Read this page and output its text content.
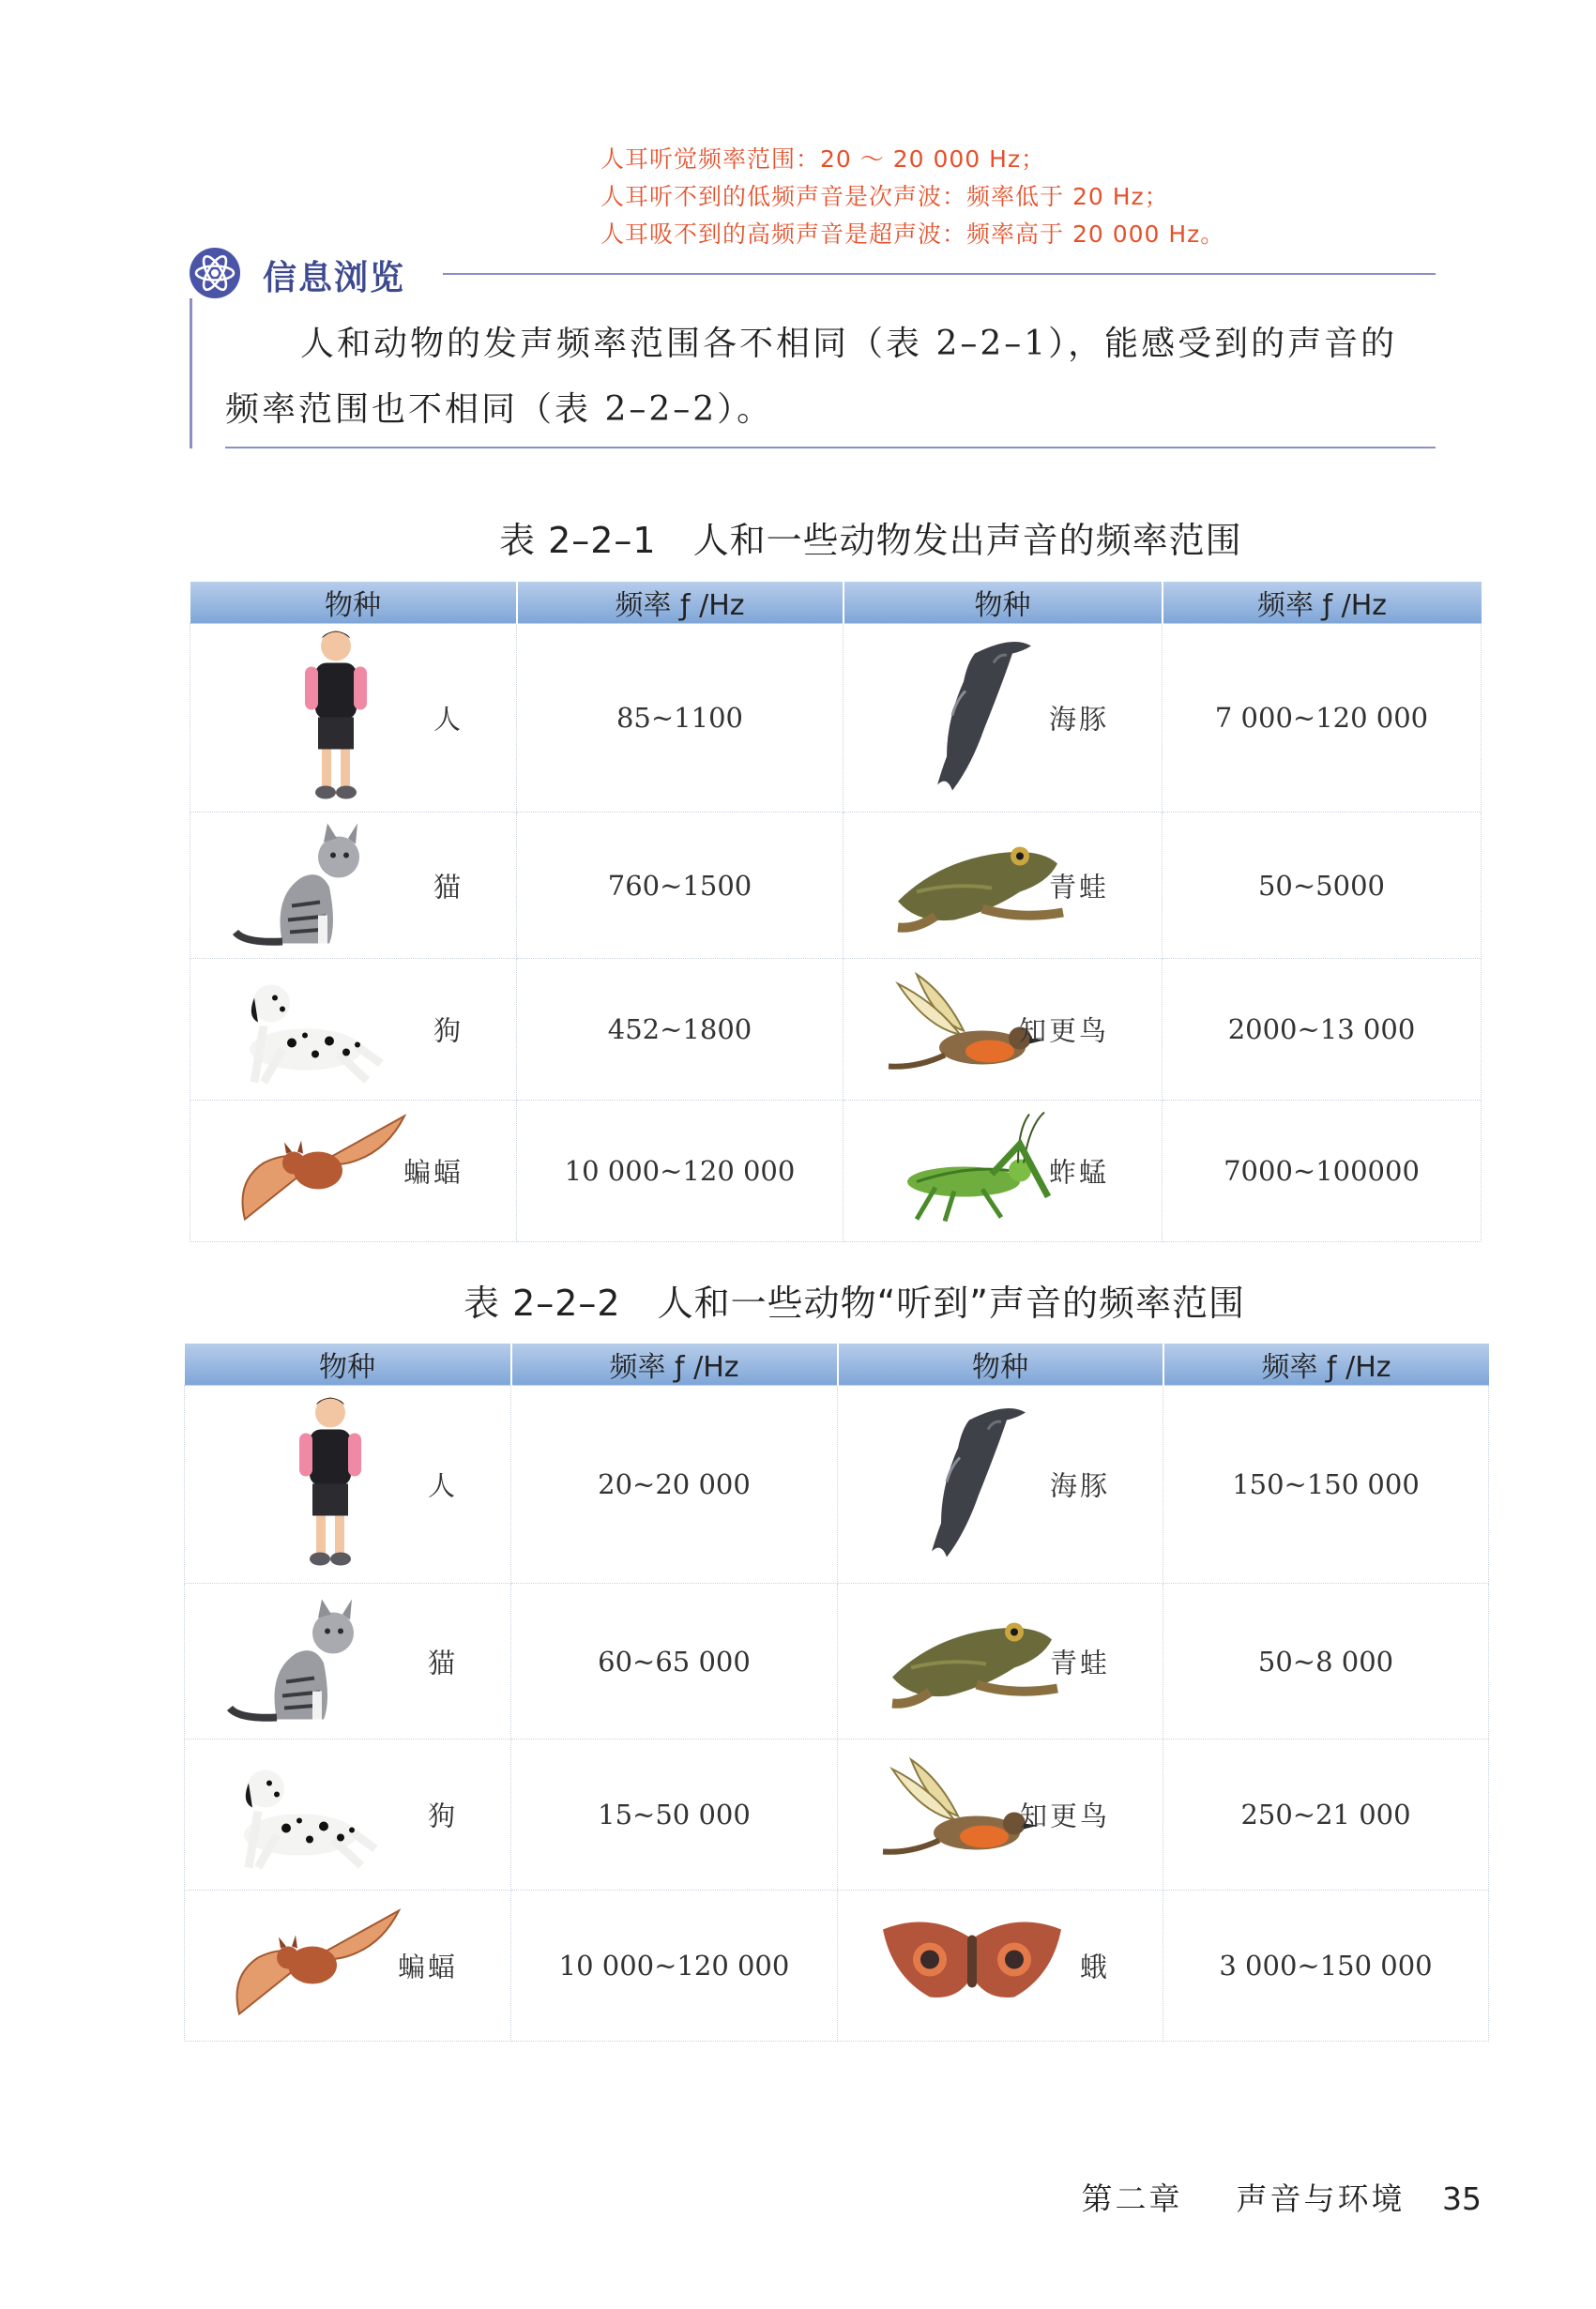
人耳听觉频率范围：20 ～ 20 000 Hz；
人耳听不到的低频声音是次声波：频率低于 20 Hz；
人耳吸不到的高频声音是超声波：频率高于 20 000 Hz。
信息浏览
人和动物的发声频率范围各不相同（表 2–2–1），能感受到的声音的频率范围也不相同（表 2–2–2）。
表 2–2–1　人和一些动物发出声音的频率范围
物种	频率 ƒ /Hz	物种	频率 ƒ /Hz

人	85~1100	海豚	7 000~120 000

猫	760~1500	青蛙	50~5000

狗	452~1800	知更鸟	2000~13 000

蝙蝠	10 000~120 000	蚱蜢	7000~100000
表 2–2–2　人和一些动物“听到”声音的频率范围
物种	频率 ƒ /Hz	物种	频率 ƒ /Hz

人	20~20 000	海豚	150~150 000

猫	60~65 000	青蛙	50~8 000

狗	15~50 000	知更鸟	250~21 000

蝙蝠	10 000~120 000	蛾	3 000~150 000
第二章 声音与环境 35
